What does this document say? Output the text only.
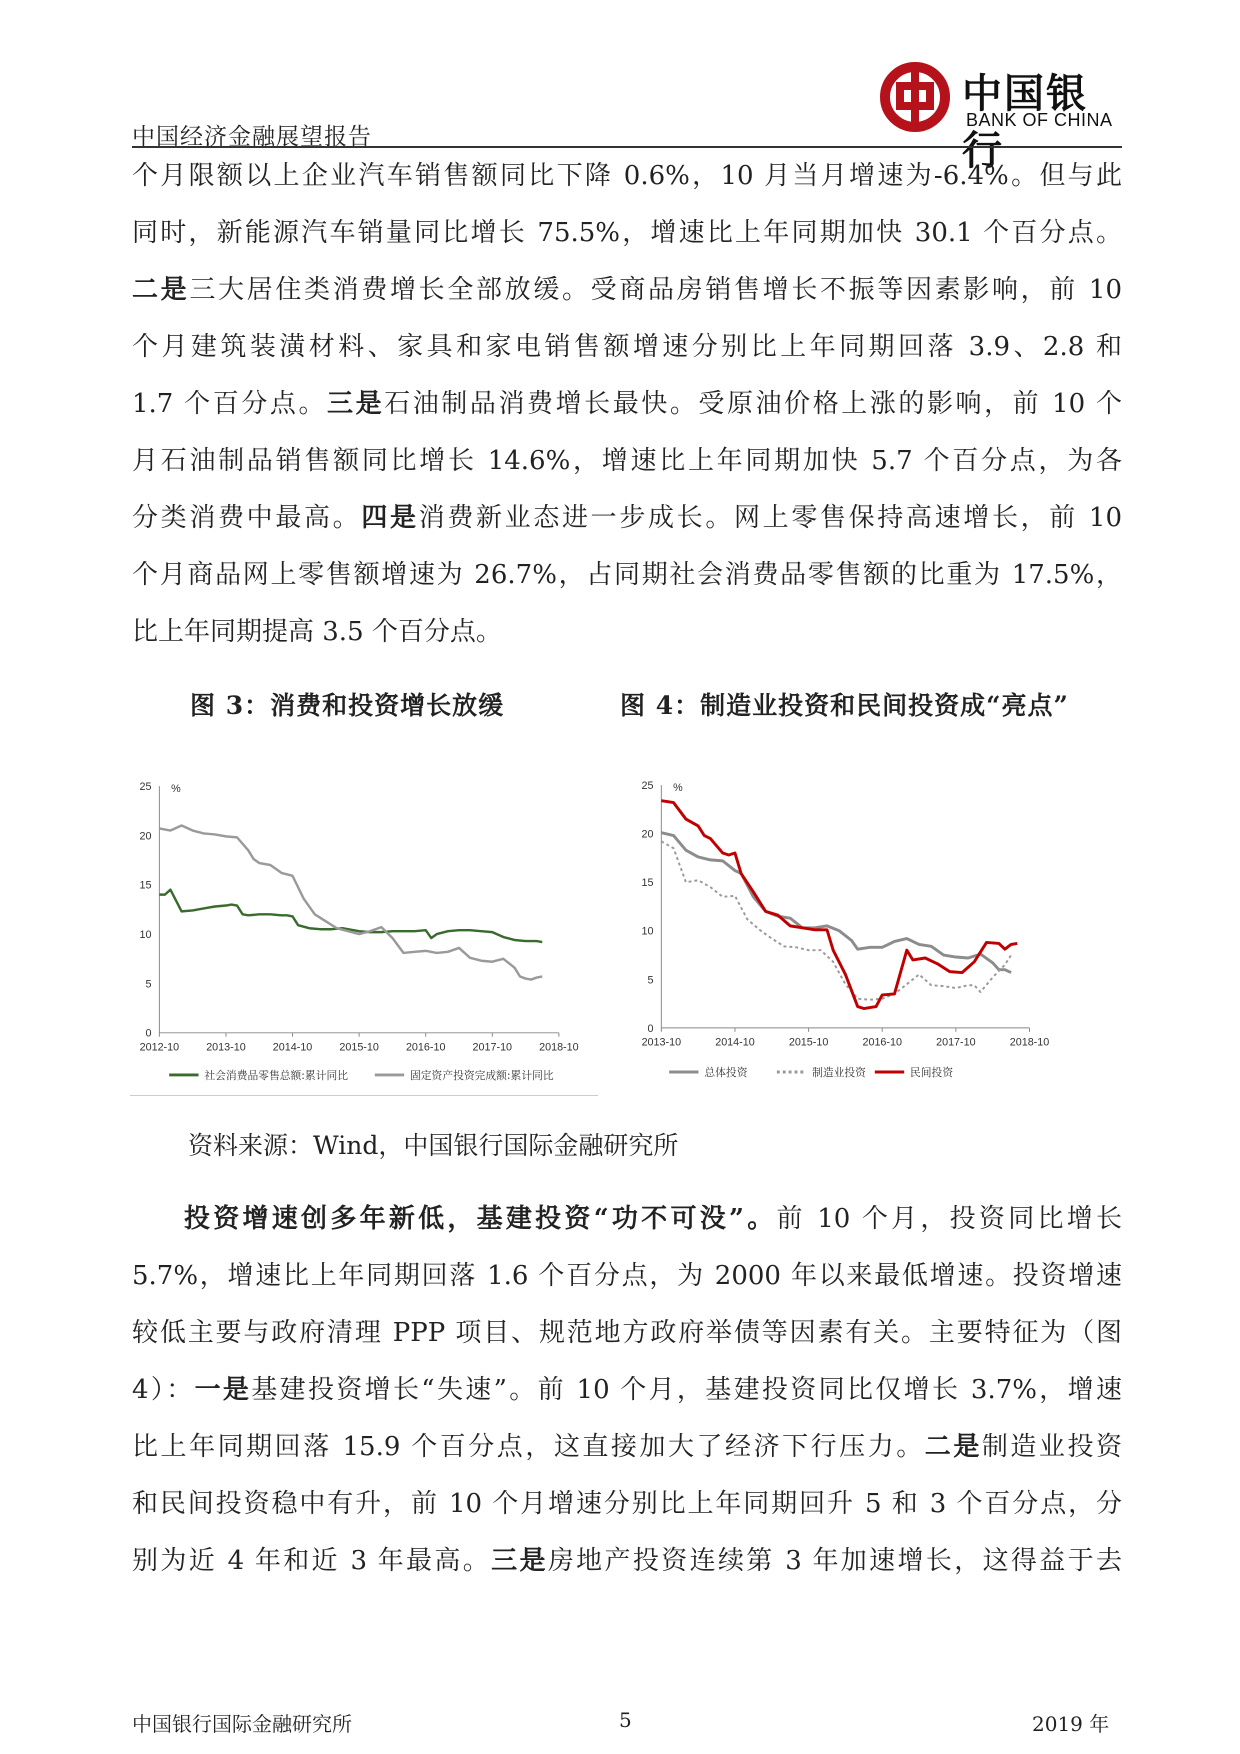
中国银行
BANK OF CHINA
中国经济金融展望报告

个月限额以上企业汽车销售额同比下降 0.6%，10 月当月增速为-6.4%。但与此

同时，新能源汽车销量同比增长 75.5%，增速比上年同期加快 30.1 个百分点。

二是三大居住类消费增长全部放缓。受商品房销售增长不振等因素影响，前 10

个月建筑装潢材料、家具和家电销售额增速分别比上年同期回落 3.9、2.8 和

1.7 个百分点。三是石油制品消费增长最快。受原油价格上涨的影响，前 10 个

月石油制品销售额同比增长 14.6%，增速比上年同期加快 5.7 个百分点，为各

分类消费中最高。四是消费新业态进一步成长。网上零售保持高速增长，前 10

个月商品网上零售额增速为 26.7%，占同期社会消费品零售额的比重为 17.5%，

比上年同期提高 3.5 个百分点。

图 3：消费和投资增长放缓	图 4：制造业投资和民间投资成“亮点”
25
20
15
10
5
0
%
2012-10 2013-10 2014-10 2015-10 2016-10 2017-10 2018-10
社会消费品零售总额:累计同比	固定资产投资完成额:累计同比
25
20
15
10
5
0
%
2013-10	2014-10	2015-10	2016-10	2017-10	2018-10
总体投资	制造业投资	民间投资
资料来源：Wind，中国银行国际金融研究所

投资增速创多年新低，基建投资“功不可没”。前 10 个月，投资同比增长

5.7%，增速比上年同期回落 1.6 个百分点，为 2000 年以来最低增速。投资增速

较低主要与政府清理 PPP 项目、规范地方政府举债等因素有关。主要特征为（图

4）：一是基建投资增长“失速”。前 10 个月，基建投资同比仅增长 3.7%，增速

比上年同期回落 15.9 个百分点，这直接加大了经济下行压力。二是制造业投资

和民间投资稳中有升，前 10 个月增速分别比上年同期回升 5 和 3 个百分点，分

别为近 4 年和近 3 年最高。三是房地产投资连续第 3 年加速增长，这得益于去

中国银行国际金融研究所	5	2019 年
